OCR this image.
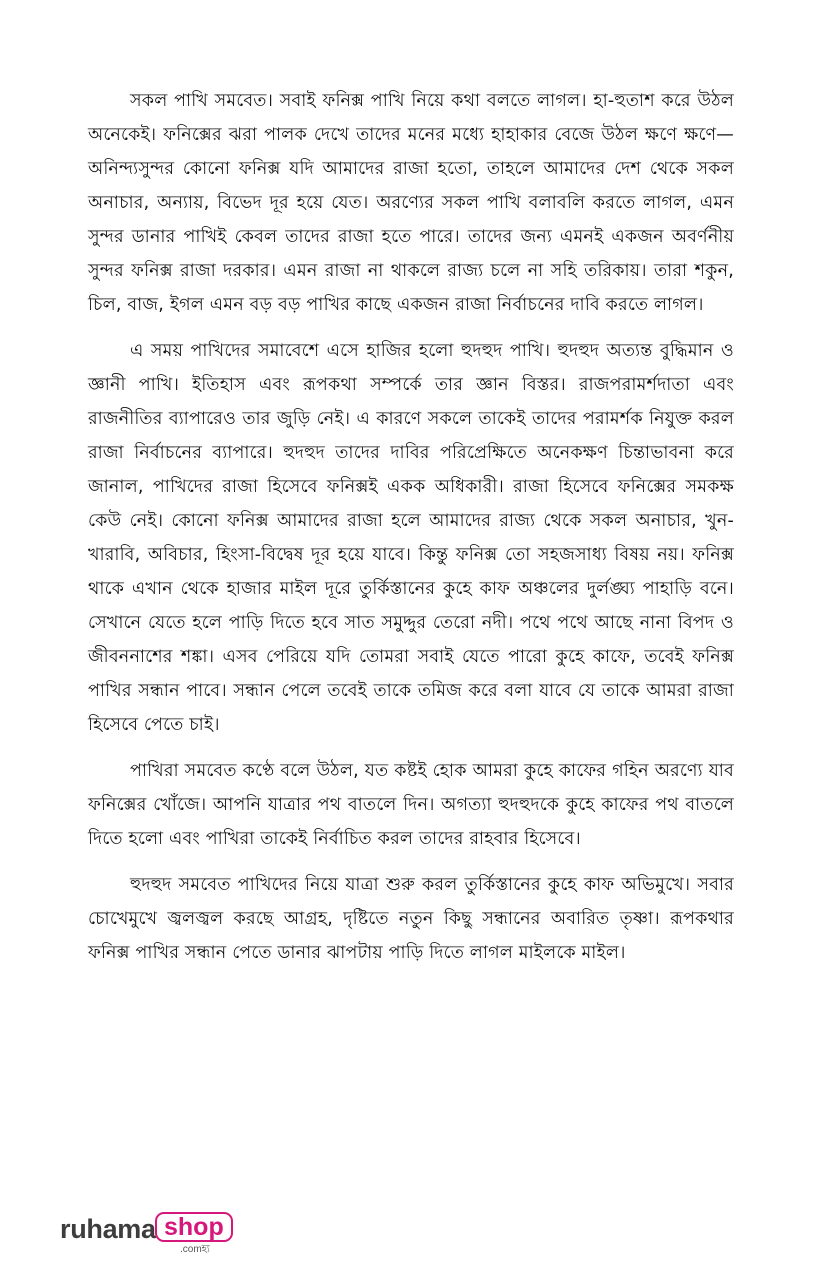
সকল পাখি সমবেত। সবাই ফনিক্স পাখি নিয়ে কথা বলতে লাগল। হা-হুতাশ করে উঠল অনেকেই। ফনিক্সের ঝরা পালক দেখে তাদের মনের মধ্যে হাহাকার বেজে উঠল ক্ষণে ক্ষণে—অনিন্দ্যসুন্দর কোনো ফনিক্স যদি আমাদের রাজা হতো, তাহলে আমাদের দেশ থেকে সকল অনাচার, অন্যায়, বিভেদ দূর হয়ে যেত। অরণ্যের সকল পাখি বলাবলি করতে লাগল, এমন সুন্দর ডানার পাখিই কেবল তাদের রাজা হতে পারে। তাদের জন্য এমনই একজন অবর্ণনীয় সুন্দর ফনিক্স রাজা দরকার। এমন রাজা না থাকলে রাজ্য চলে না সহি তরিকায়। তারা শকুন, চিল, বাজ, ইগল এমন বড় বড় পাখির কাছে একজন রাজা নির্বাচনের দাবি করতে লাগল।

এ সময় পাখিদের সমাবেশে এসে হাজির হলো হুদহুদ পাখি। হুদহুদ অত্যন্ত বুদ্ধিমান ও জ্ঞানী পাখি। ইতিহাস এবং রূপকথা সম্পর্কে তার জ্ঞান বিস্তর। রাজপরামর্শদাতা এবং রাজনীতির ব্যাপারেও তার জুড়ি নেই। এ কারণে সকলে তাকেই তাদের পরামর্শক নিযুক্ত করল রাজা নির্বাচনের ব্যাপারে। হুদহুদ তাদের দাবির পরিপ্রেক্ষিতে অনেকক্ষণ চিন্তাভাবনা করে জানাল, পাখিদের রাজা হিসেবে ফনিক্সই একক অধিকারী। রাজা হিসেবে ফনিক্সের সমকক্ষ কেউ নেই। কোনো ফনিক্স আমাদের রাজা হলে আমাদের রাজ্য থেকে সকল অনাচার, খুন-খারাবি, অবিচার, হিংসা-বিদ্বেষ দূর হয়ে যাবে। কিন্তু ফনিক্স তো সহজসাধ্য বিষয় নয়। ফনিক্স থাকে এখান থেকে হাজার মাইল দূরে তুর্কিস্তানের কুহে কাফ অঞ্চলের দুর্লঙ্ঘ্য পাহাড়ি বনে। সেখানে যেতে হলে পাড়ি দিতে হবে সাত সমুদ্দুর তেরো নদী। পথে পথে আছে নানা বিপদ ও জীবননাশের শঙ্কা। এসব পেরিয়ে যদি তোমরা সবাই যেতে পারো কুহে কাফে, তবেই ফনিক্স পাখির সন্ধান পাবে। সন্ধান পেলে তবেই তাকে তমিজ করে বলা যাবে যে তাকে আমরা রাজা হিসেবে পেতে চাই।

পাখিরা সমবেত কণ্ঠে বলে উঠল, যত কষ্টই হোক আমরা কুহে কাফের গহিন অরণ্যে যাব ফনিক্সের খোঁজে। আপনি যাত্রার পথ বাতলে দিন। অগত্যা হুদহুদকে কুহে কাফের পথ বাতলে দিতে হলো এবং পাখিরা তাকেই নির্বাচিত করল তাদের রাহবার হিসেবে।

হুদহুদ সমবেত পাখিদের নিয়ে যাত্রা শুরু করল তুর্কিস্তানের কুহে কাফ অভিমুখে। সবার চোখেমুখে জ্বলজ্বল করছে আগ্রহ, দৃষ্টিতে নতুন কিছু সন্ধানের অবারিত তৃষ্ণা। রূপকথার ফনিক্স পাখির সন্ধান পেতে ডানার ঝাপটায় পাড়ি দিতে লাগল মাইলকে মাইল।

ruhama shop
.comহ্য
